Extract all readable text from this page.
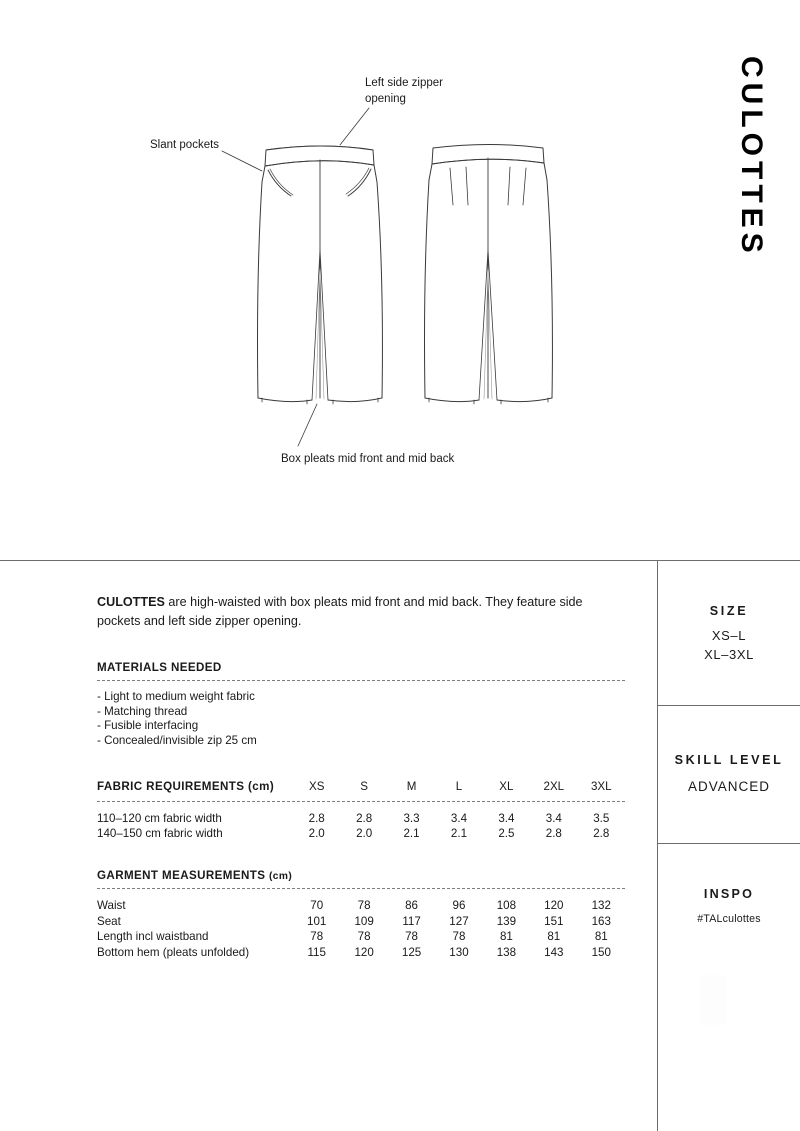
CULOTTES
Slant pockets
Left side zipper
opening
Box pleats mid front and mid back

CULOTTES are high-waisted with box pleats mid front and mid back. They feature side pockets and left side zipper opening.

MATERIALS NEEDED
- Light to medium weight fabric
- Matching thread
- Fusible interfacing
- Concealed/invisible zip 25 cm
FABRIC REQUIREMENTS (cm)	XS	S	M	L	XL	2XL	3XL
110–120 cm fabric width	2.8	2.8	3.3	3.4	3.4	3.4	3.5
140–150 cm fabric width	2.0	2.0	2.1	2.1	2.5	2.8	2.8
GARMENT MEASUREMENTS (cm)
Waist	70	78	86	96	108	120	132
Seat	101	109	117	127	139	151	163
Length incl waistband	78	78	78	78	81	81	81
Bottom hem (pleats unfolded)	115	120	125	130	138	143	150

SIZE

XS–L
XL–3XL

SKILL LEVEL

ADVANCED

INSPO

#TALculottes
